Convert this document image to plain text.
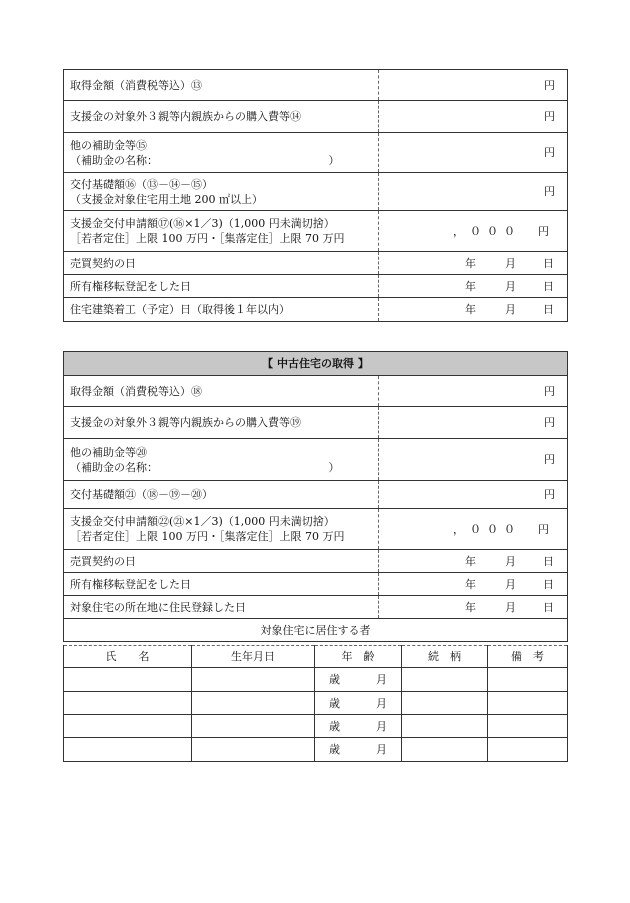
取得金額（消費税等込）⑬	円
支援金の対象外３親等内親族からの購入費等⑭	円

他の補助金等⑮
（補助金の名称：　　　　　　　　　　　　　　　　）	円

交付基礎額⑯（⑬－⑭－⑮）
（支援金対象住宅用土地 200 ㎡以上）	円

支援金交付申請額⑰(⑯×1／3)（1,000 円未満切捨）
［若者定住］上限 100 万円・［集落定住］上限 70 万円	，０００　円
売買契約の日	年 月 日
所有権移転登記をした日	年 月 日
住宅建築着工（予定）日（取得後１年以内）	年 月 日
【 中古住宅の取得 】	
取得金額（消費税等込）⑱	円
支援金の対象外３親等内親族からの購入費等⑲	円

他の補助金等⑳
（補助金の名称：　　　　　　　　　　　　　　　　）	円
交付基礎額㉑（⑱－⑲－⑳）	円

支援金交付申請額㉒(㉑×1／3)（1,000 円未満切捨）
［若者定住］上限 100 万円・［集落定住］上限 70 万円	，０００　円
売買契約の日	年 月 日
所有権移転登記をした日	年 月 日
対象住宅の所在地に住民登録した日	年 月 日
対象住宅に居住する者	
氏　　名	生年月日	年　齢	続　柄	備　考
		歳 月		
		歳 月		
		歳 月		
		歳 月		
